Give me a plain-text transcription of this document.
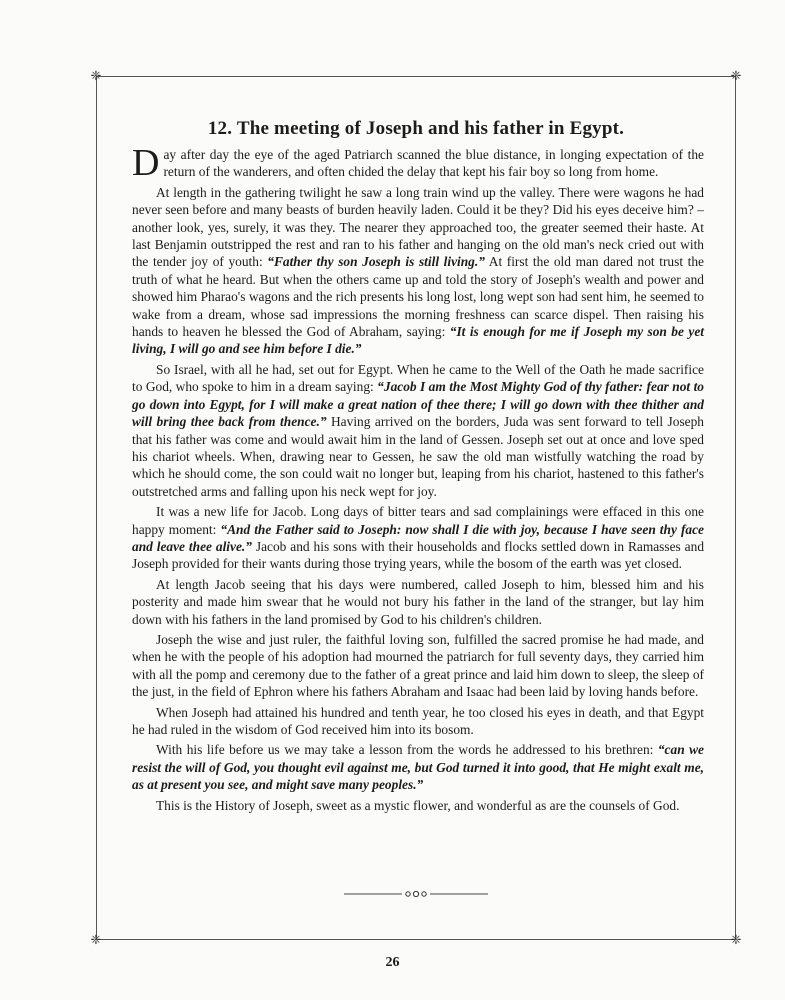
❈	❈
❈	❈
12. The meeting of Joseph and his father in Egypt.

Day after day the eye of the aged Patriarch scanned the blue distance, in longing expectation of the return of the wanderers, and often chided the delay that kept his fair boy so long from home.

At length in the gathering twilight he saw a long train wind up the valley. There were wagons he had never seen before and many beasts of burden heavily laden. Could it be they? Did his eyes deceive him? – another look, yes, surely, it was they. The nearer they approached too, the greater seemed their haste. At last Benjamin outstripped the rest and ran to his father and hanging on the old man's neck cried out with the tender joy of youth: “Father thy son Joseph is still living.” At first the old man dared not trust the truth of what he heard. But when the others came up and told the story of Joseph's wealth and power and showed him Pharao's wagons and the rich presents his long lost, long wept son had sent him, he seemed to wake from a dream, whose sad impressions the morning freshness can scarce dispel. Then raising his hands to heaven he blessed the God of Abraham, saying: “It is enough for me if Joseph my son be yet living, I will go and see him before I die.”

So Israel, with all he had, set out for Egypt. When he came to the Well of the Oath he made sacrifice to God, who spoke to him in a dream saying: “Jacob I am the Most Mighty God of thy father: fear not to go down into Egypt, for I will make a great nation of thee there; I will go down with thee thither and will bring thee back from thence.” Having arrived on the borders, Juda was sent forward to tell Joseph that his father was come and would await him in the land of Gessen. Joseph set out at once and love sped his chariot wheels. When, drawing near to Gessen, he saw the old man wistfully watching the road by which he should come, the son could wait no longer but, leaping from his chariot, hastened to this father's outstretched arms and falling upon his neck wept for joy.

It was a new life for Jacob. Long days of bitter tears and sad complainings were effaced in this one happy moment: “And the Father said to Joseph: now shall I die with joy, because I have seen thy face and leave thee alive.” Jacob and his sons with their households and flocks settled down in Ramasses and Joseph provided for their wants during those trying years, while the bosom of the earth was yet closed.

At length Jacob seeing that his days were numbered, called Joseph to him, blessed him and his posterity and made him swear that he would not bury his father in the land of the stranger, but lay him down with his fathers in the land promised by God to his children's children.

Joseph the wise and just ruler, the faithful loving son, fulfilled the sacred promise he had made, and when he with the people of his adoption had mourned the patriarch for full seventy days, they carried him with all the pomp and ceremony due to the father of a great prince and laid him down to sleep, the sleep of the just, in the field of Ephron where his fathers Abraham and Isaac had been laid by loving hands before.

When Joseph had attained his hundred and tenth year, he too closed his eyes in death, and that Egypt he had ruled in the wisdom of God received him into its bosom.

With his life before us we may take a lesson from the words he addressed to his brethren: “can we resist the will of God, you thought evil against me, but God turned it into good, that He might exalt me, as at present you see, and might save many peoples.”

This is the History of Joseph, sweet as a mystic flower, and wonderful as are the counsels of God.

26
